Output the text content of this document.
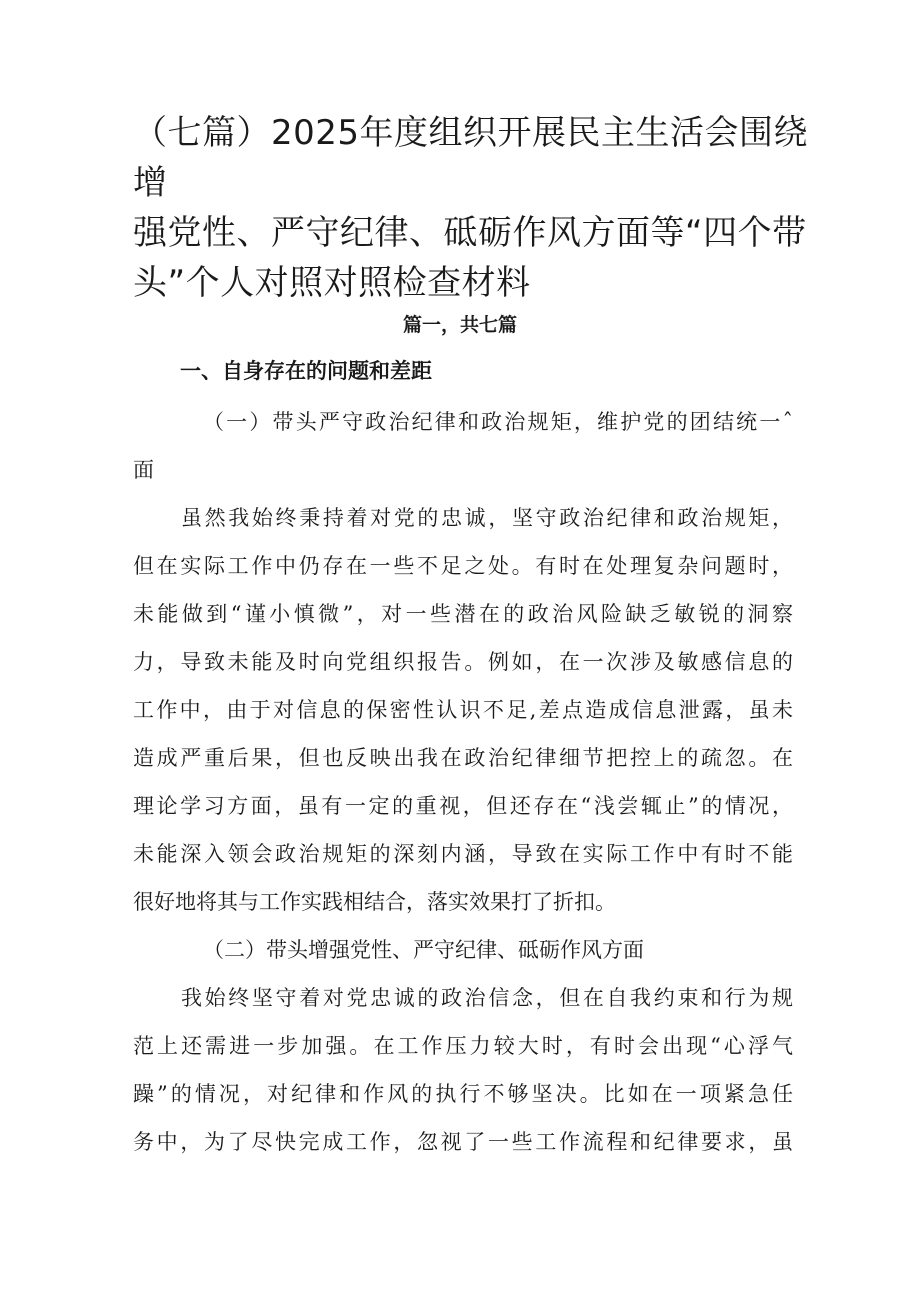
（七篇）2025年度组织开展民主生活会围绕增
强党性、严守纪律、砥砺作风方面等“四个带
头”个人对照对照检查材料
篇一，共七篇
一、自身存在的问题和差距
（一）带头严守政治纪律和政治规矩，维护党的团结统一ˆ
面
虽然我始终秉持着对党的忠诚，坚守政治纪律和政治规矩，
但在实际工作中仍存在一些不足之处。有时在处理复杂问题时，
未能做到“谨小慎微”，对一些潜在的政治风险缺乏敏锐的洞察
力，导致未能及时向党组织报告。例如，在一次涉及敏感信息的
工作中，由于对信息的保密性认识不足,差点造成信息泄露，虽未
造成严重后果，但也反映出我在政治纪律细节把控上的疏忽。在
理论学习方面，虽有一定的重视，但还存在“浅尝辄止”的情况，
未能深入领会政治规矩的深刻内涵，导致在实际工作中有时不能
很好地将其与工作实践相结合，落实效果打了折扣。
（二）带头增强党性、严守纪律、砥砺作风方面
我始终坚守着对党忠诚的政治信念，但在自我约束和行为规
范上还需进一步加强。在工作压力较大时，有时会出现“心浮气
躁”的情况，对纪律和作风的执行不够坚决。比如在一项紧急任
务中，为了尽快完成工作，忽视了一些工作流程和纪律要求，虽
